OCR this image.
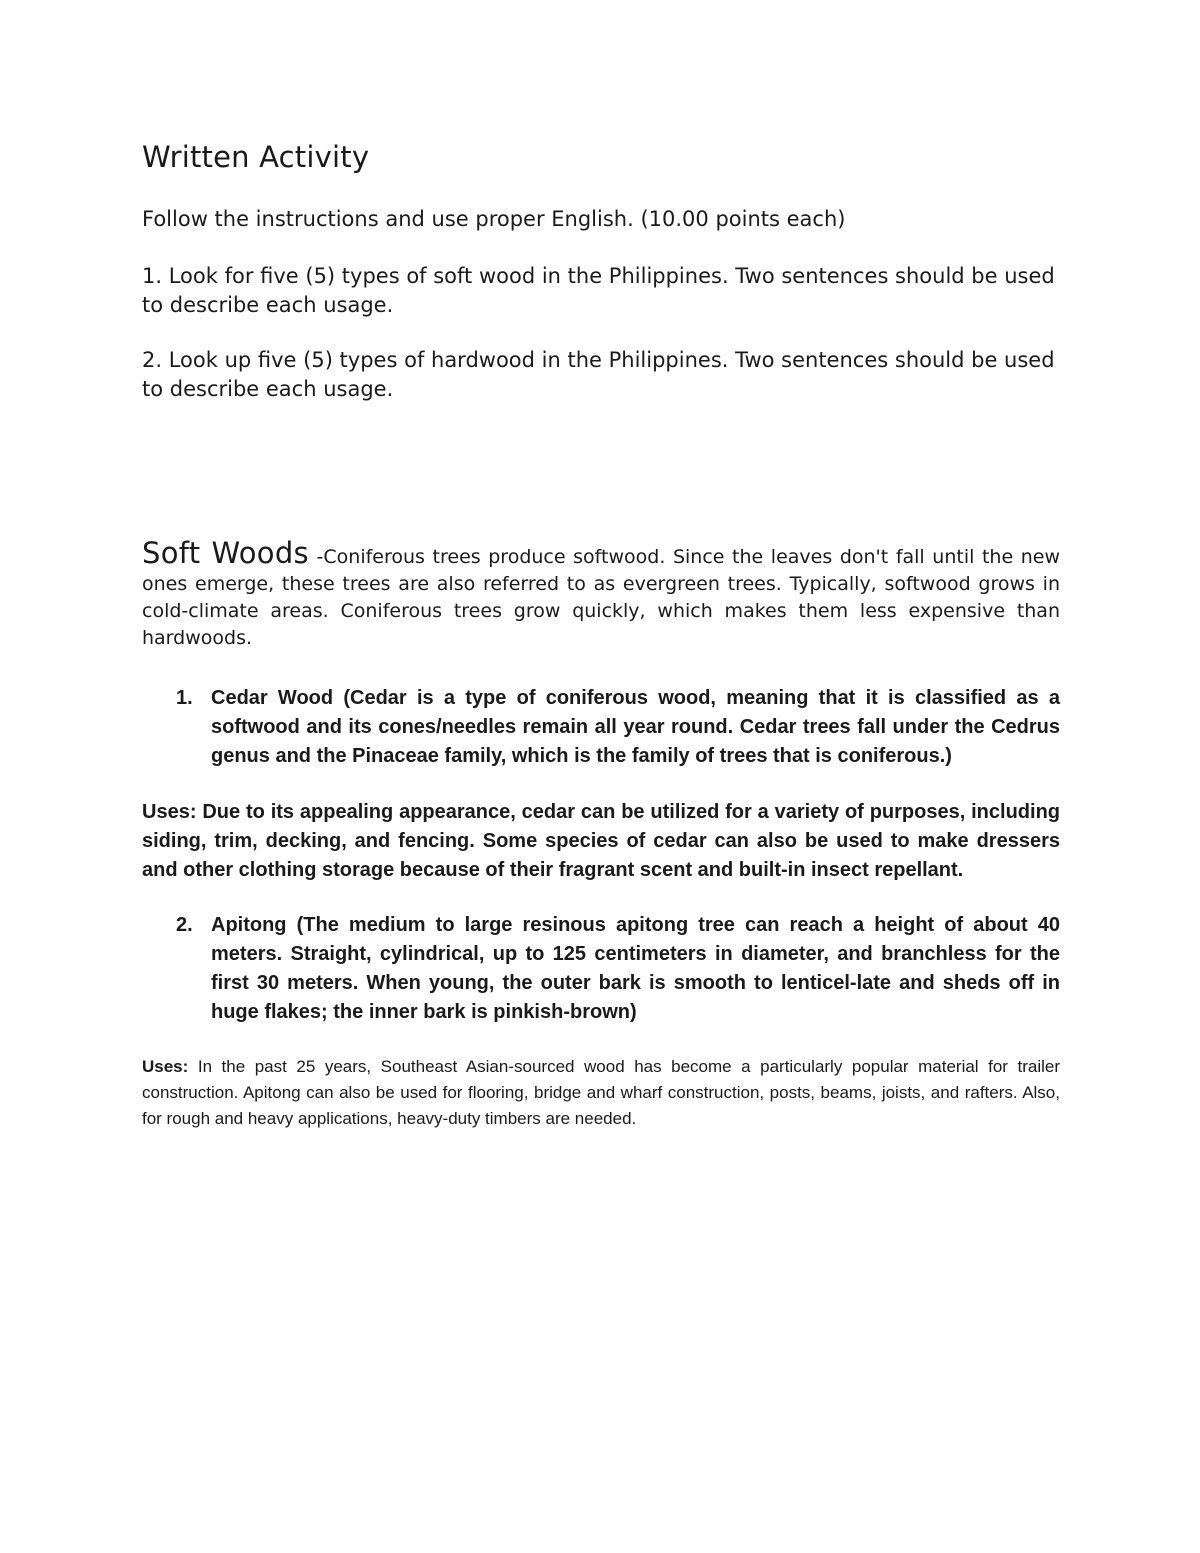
Written Activity
Follow the instructions and use proper English. (10.00 points each)
1. Look for five (5) types of soft wood in the Philippines. Two sentences should be used to describe each usage.
2. Look up five (5) types of hardwood in the Philippines. Two sentences should be used to describe each usage.
Soft Woods -Coniferous trees produce softwood. Since the leaves don't fall until the new ones emerge, these trees are also referred to as evergreen trees. Typically, softwood grows in cold-climate areas. Coniferous trees grow quickly, which makes them less expensive than hardwoods.
1. Cedar Wood (Cedar is a type of coniferous wood, meaning that it is classified as a softwood and its cones/needles remain all year round. Cedar trees fall under the Cedrus genus and the Pinaceae family, which is the family of trees that is coniferous.)
Uses: Due to its appealing appearance, cedar can be utilized for a variety of purposes, including siding, trim, decking, and fencing. Some species of cedar can also be used to make dressers and other clothing storage because of their fragrant scent and built-in insect repellant.
2. Apitong (The medium to large resinous apitong tree can reach a height of about 40 meters. Straight, cylindrical, up to 125 centimeters in diameter, and branchless for the first 30 meters. When young, the outer bark is smooth to lenticel-late and sheds off in huge flakes; the inner bark is pinkish-brown)
Uses: In the past 25 years, Southeast Asian-sourced wood has become a particularly popular material for trailer construction. Apitong can also be used for flooring, bridge and wharf construction, posts, beams, joists, and rafters. Also, for rough and heavy applications, heavy-duty timbers are needed.
